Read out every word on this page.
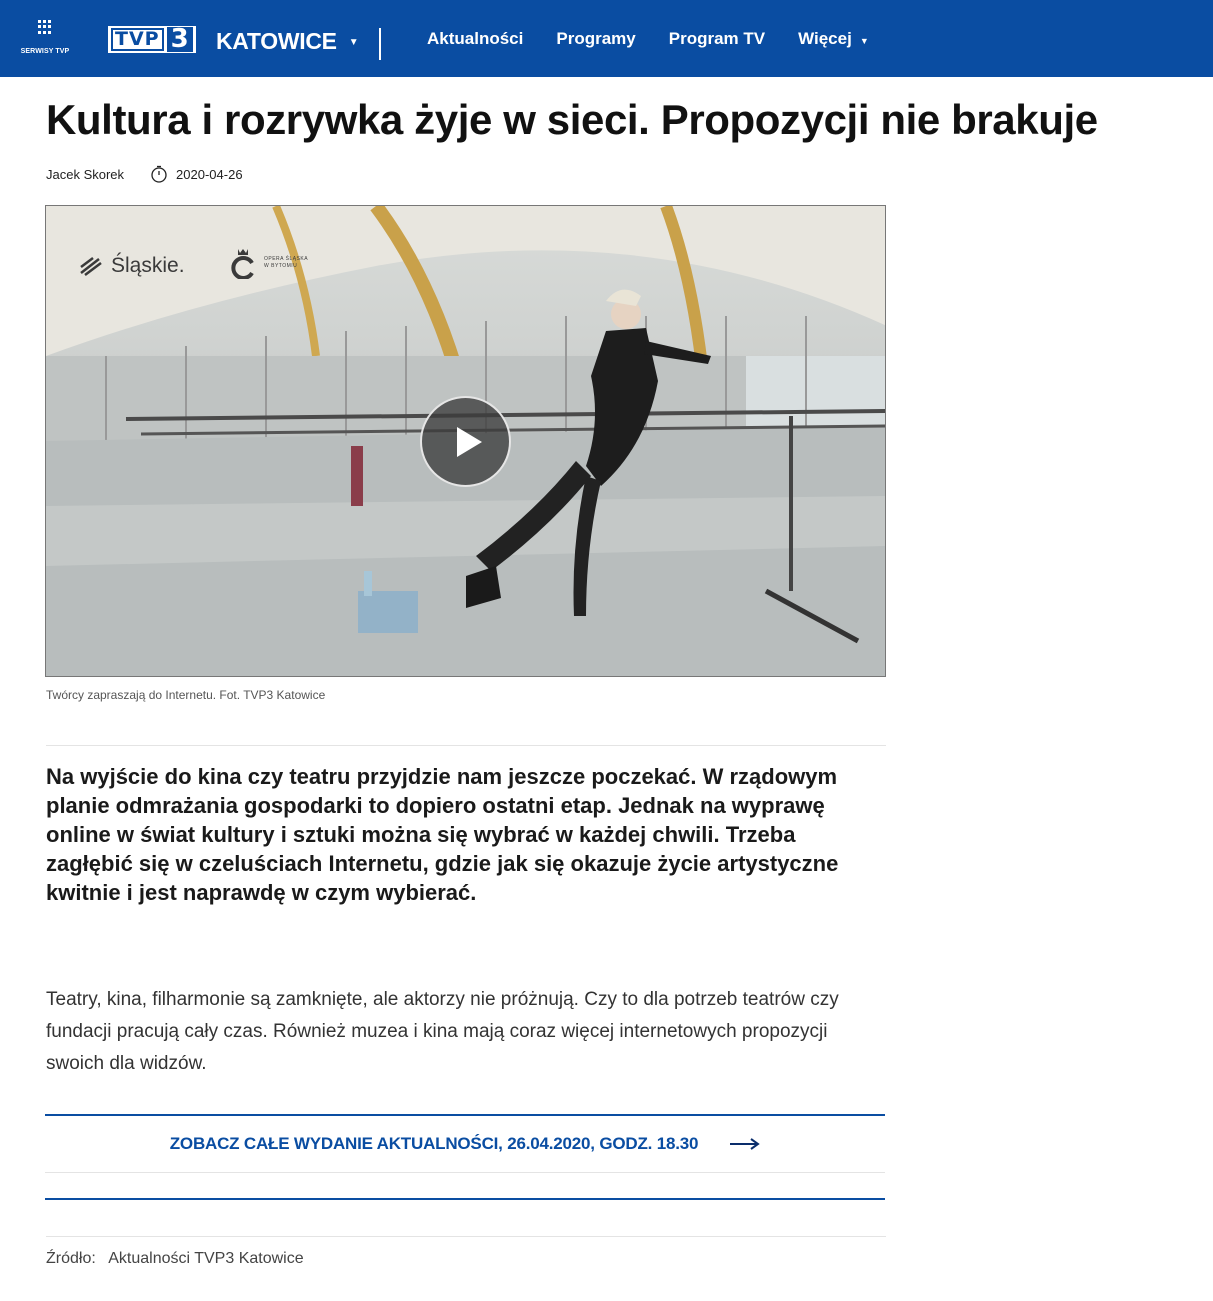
SERWISY TVP
TVP 3 KATOWICE ▼	Aktualności Programy Program TV Więcej ▼
Kultura i rozrywka żyje w sieci. Propozycji nie brakuje
Jacek Skorek	2020-04-26
Śląskie.	OPERA ŚLĄSKA
W BYTOMIU
Twórcy zapraszają do Internetu. Fot. TVP3 Katowice

Na wyjście do kina czy teatru przyjdzie nam jeszcze poczekać. W rządowym planie odmrażania gospodarki to dopiero ostatni etap. Jednak na wyprawę online w świat kultury i sztuki można się wybrać w każdej chwili. Trzeba zagłębić się w czeluściach Internetu, gdzie jak się okazuje życie artystyczne kwitnie i jest naprawdę w czym wybierać.

Teatry, kina, filharmonie są zamknięte, ale aktorzy nie próżnują. Czy to dla potrzeb teatrów czy fundacji pracują cały czas. Również muzea i kina mają coraz więcej internetowych propozycji swoich dla widzów.

ZOBACZ CAŁE WYDANIE AKTUALNOŚCI, 26.04.2020, GODZ. 18.30
Źródło: Aktualności TVP3 Katowice
